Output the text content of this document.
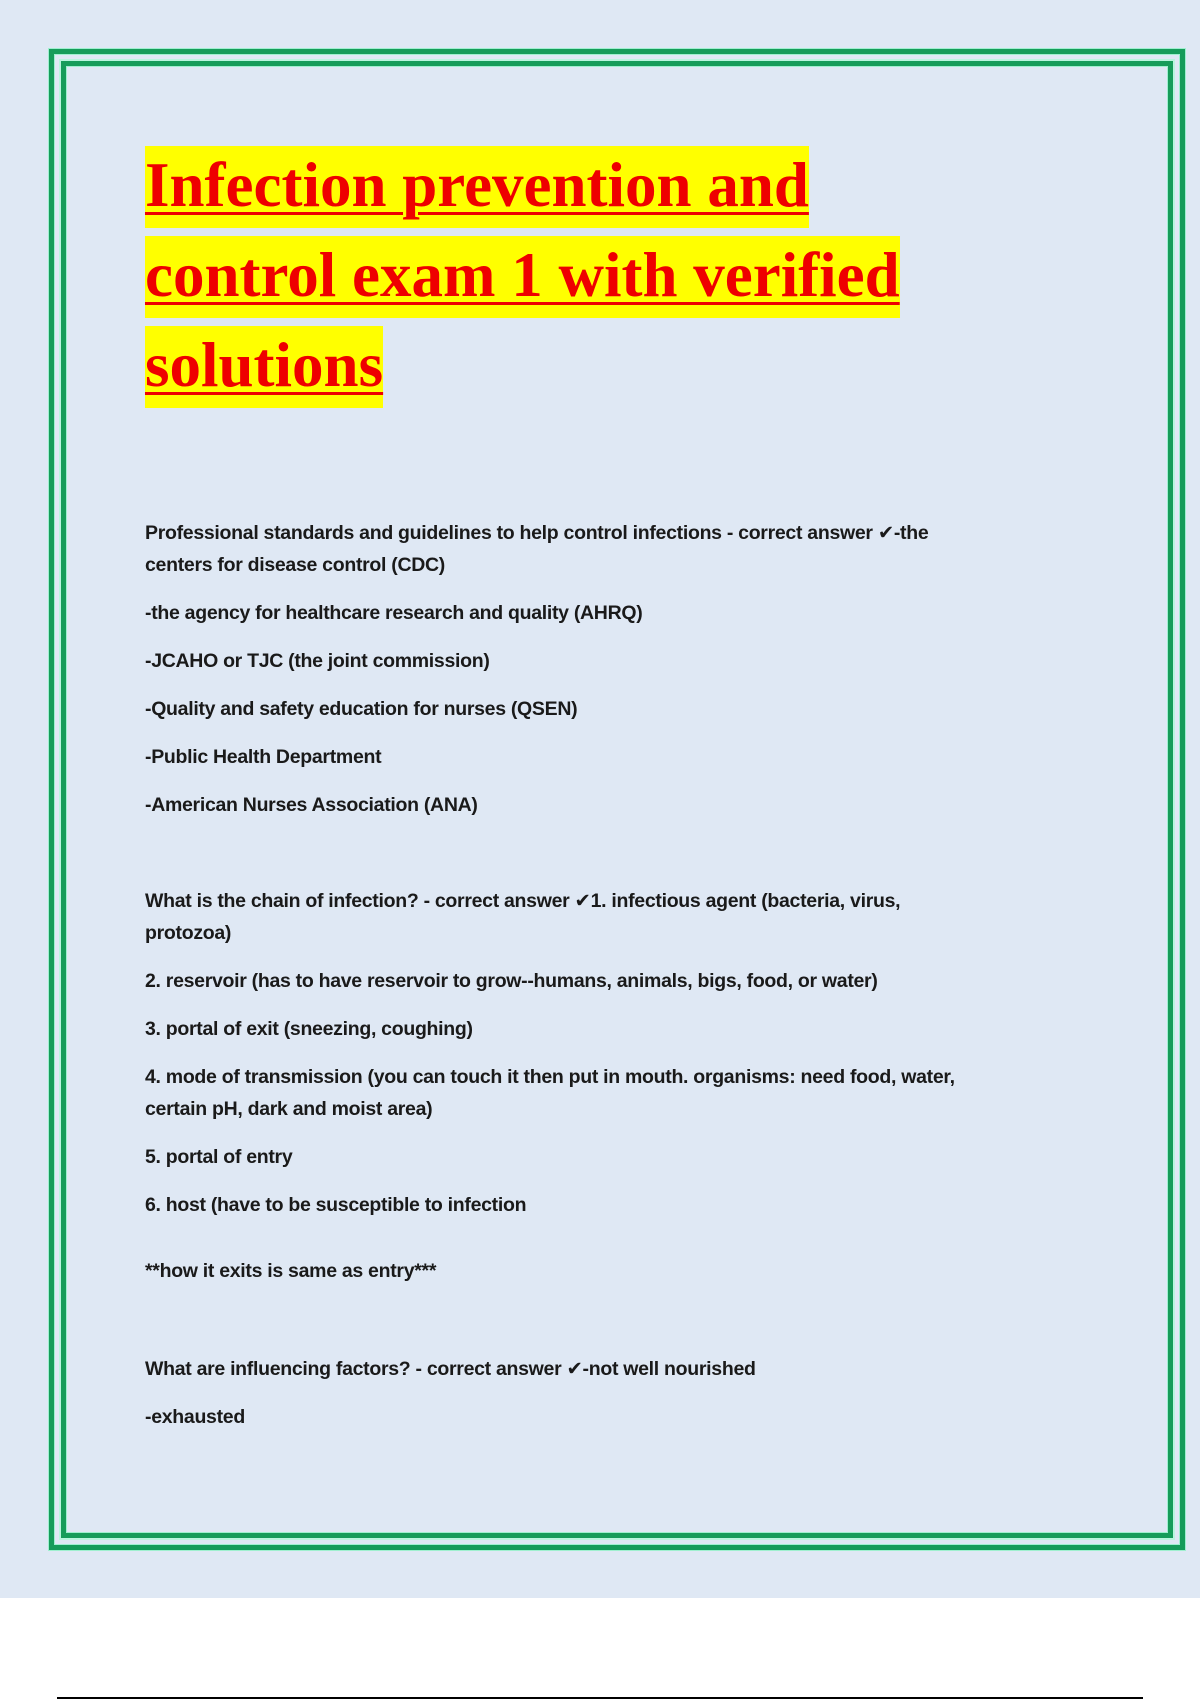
Infection prevention and
control exam 1 with verified
solutions

Professional standards and guidelines to help control infections - correct answer ✔-the

centers for disease control (CDC)

-the agency for healthcare research and quality (AHRQ)

-JCAHO or TJC (the joint commission)

-Quality and safety education for nurses (QSEN)

-Public Health Department

-American Nurses Association (ANA)

What is the chain of infection? - correct answer ✔1. infectious agent (bacteria, virus,

protozoa)

2. reservoir (has to have reservoir to grow--humans, animals, bigs, food, or water)

3. portal of exit (sneezing, coughing)

4. mode of transmission (you can touch it then put in mouth. organisms: need food, water,

certain pH, dark and moist area)

5. portal of entry

6. host (have to be susceptible to infection

**how it exits is same as entry***

What are influencing factors? - correct answer ✔-not well nourished

-exhausted
